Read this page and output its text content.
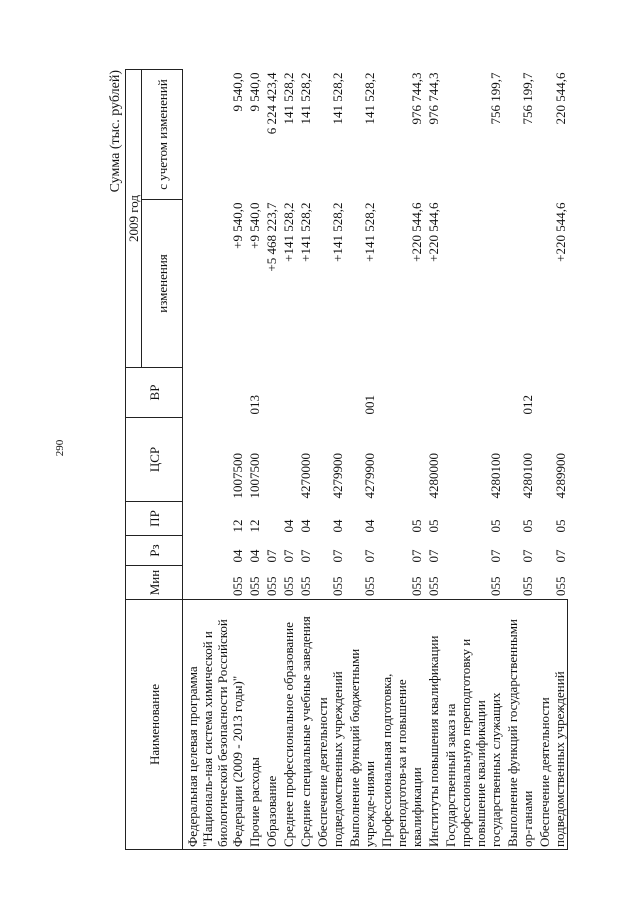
290
Сумма (тыс. рублей)
Наименование	Мин	Рз	ПР	ЦСР	ВР	2009 год	
						изменения	с учетом изменений
Федеральная целевая программа "Националь-ная система химической и биологической безопасности Российской Федерации (2009 - 2013 годы)"	055	04	12	1007500		+9 540,0	9 540,0
Прочие расходы	055	04	12	1007500	013	+9 540,0	9 540,0
Образование	055	07				+5 468 223,7	6 224 423,4
Среднее профессиональное образование	055	07	04			+141 528,2	141 528,2
Средние специальные учебные заведения	055	07	04	4270000		+141 528,2	141 528,2
Обеспечение деятельности подведомственных учреждений	055	07	04	4279900		+141 528,2	141 528,2
Выполнение функций бюджетными учрежде-ниями	055	07	04	4279900	001	+141 528,2	141 528,2
Профессиональная подготовка, переподготов-ка и повышение квалификации	055	07	05			+220 544,6	976 744,3
Институты повышения квалификации	055	07	05	4280000		+220 544,6	976 744,3
Государственный заказ на профессиональную переподготовку и повышение квалификации государственных служащих	055	07	05	4280100			756 199,7
Выполнение функций государственными ор-ганами	055	07	05	4280100	012		756 199,7
Обеспечение деятельности подведомственных учреждений	055	07	05	4289900		+220 544,6	220 544,6
